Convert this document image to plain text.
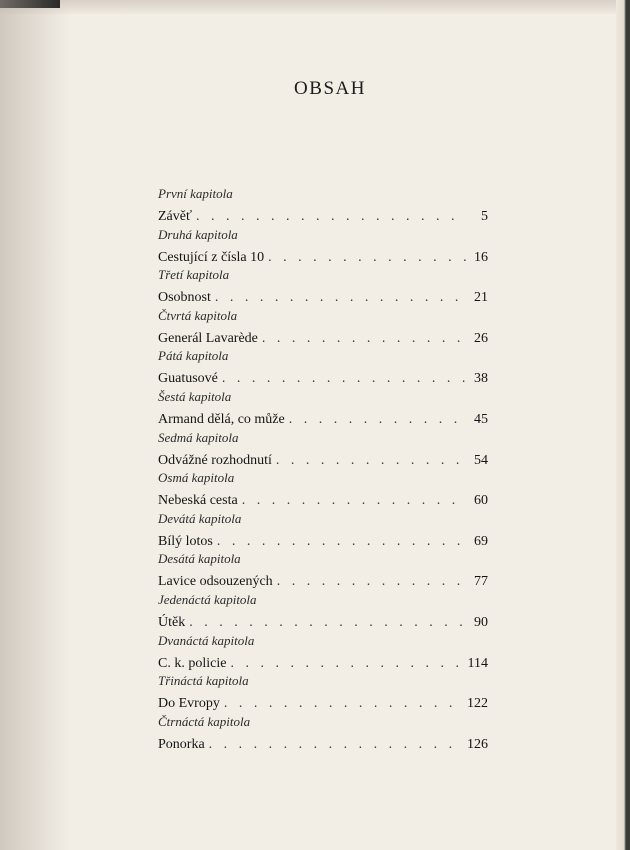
OBSAH
První kapitola
Závěť . . .	5
Druhá kapitola
Cestující z čísla 10 . . .	16
Třetí kapitola
Osobnost . . .	21
Čtvrtá kapitola
Generál Lavarède . . .	26
Pátá kapitola
Guatusové . . .	38
Šestá kapitola
Armand dělá, co může . . .	45
Sedmá kapitola
Odvážné rozhodnutí . . .	54
Osmá kapitola
Nebeská cesta . . .	60
Devátá kapitola
Bílý lotos . . .	69
Desátá kapitola
Lavice odsouzených . . .	77
Jedenáctá kapitola
Útěk . . .	90
Dvanáctá kapitola
C. k. policie . . .	114
Třináctá kapitola
Do Evropy . . .	122
Čtrnáctá kapitola
Ponorka . . .	126
